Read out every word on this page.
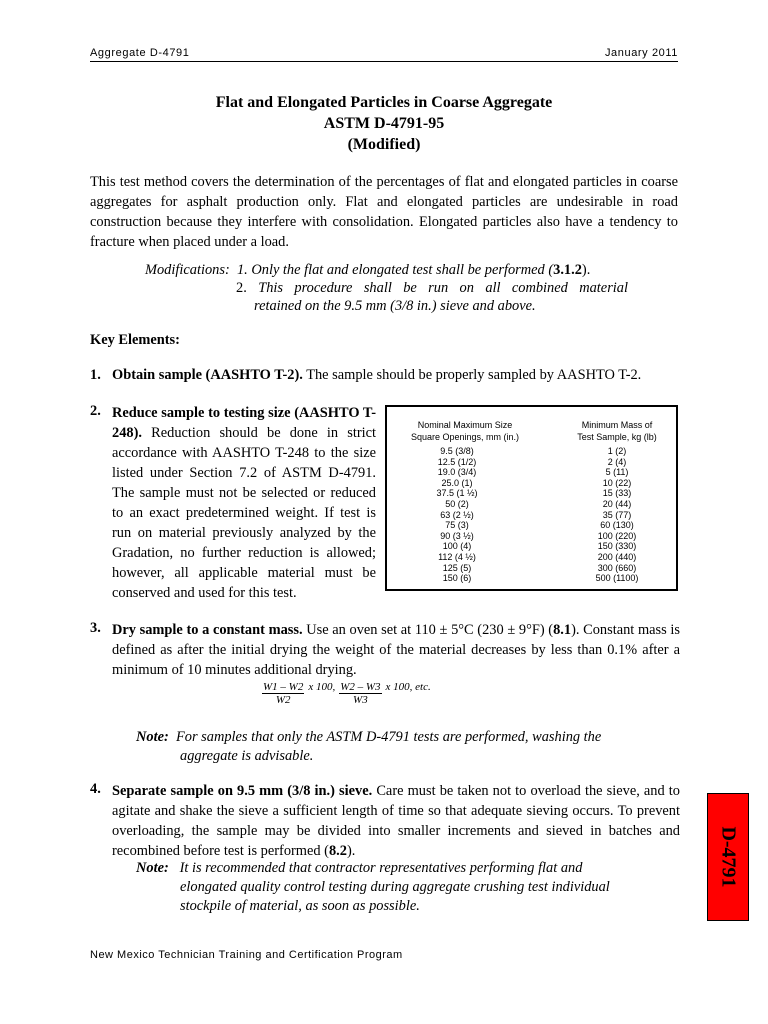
Aggregate D-4791	January 2011
Flat and Elongated Particles in Coarse Aggregate
ASTM D-4791-95
(Modified)
This test method covers the determination of the percentages of flat and elongated particles in coarse aggregates for asphalt production only. Flat and elongated particles are undesirable in road construction because they interfere with consolidation. Elongated particles also have a tendency to fracture when placed under a load.
Modifications: 1. Only the flat and elongated test shall be performed (3.1.2).
2. This procedure shall be run on all combined material
retained on the 9.5 mm (3/8 in.) sieve and above.
Key Elements:
1. Obtain sample (AASHTO T-2). The sample should be properly sampled by AASHTO T-2.
2. Reduce sample to testing size (AASHTO T-248). Reduction should be done in strict accordance with AASHTO T-248 to the size listed under Section 7.2 of ASTM D-4791. The sample must not be selected or reduced to an exact predetermined weight. If test is run on material previously analyzed by the Gradation, no further reduction is allowed; however, all applicable material must be conserved and used for this test.
Nominal Maximum Size
Square Openings, mm (in.)
Minimum Mass of
Test Sample, kg (lb)
9.5 (3/8)	1 (2)
12.5 (1/2)	2 (4)
19.0 (3/4)	5 (11)
25.0 (1)	10 (22)
37.5 (1 ½)	15 (33)
50 (2)	20 (44)
63 (2 ½)	35 (77)
75 (3)	60 (130)
90 (3 ½)	100 (220)
100 (4)	150 (330)
112 (4 ½)	200 (440)
125 (5)	300 (660)
150 (6)	500 (1100)
3. Dry sample to a constant mass. Use an oven set at 110 ± 5°C (230 ± 9°F) (8.1). Constant mass is defined as after the initial drying the weight of the material decreases by less than 0.1% after a minimum of 10 minutes additional drying.
$\frac{W1 - W2}{W2}$ x 100, $\frac{W2 - W3}{W3}$ x 100, etc.
Note: For samples that only the ASTM D-4791 tests are performed, washing the
aggregate is advisable.
4. Separate sample on 9.5 mm (3/8 in.) sieve. Care must be taken not to overload the sieve, and to agitate and shake the sieve a sufficient length of time so that adequate sieving occurs. To prevent overloading, the sample may be divided into smaller increments and sieved in batches and recombined before test is performed (8.2).
Note: It is recommended that contractor representatives performing flat and
elongated quality control testing during aggregate crushing test individual
stockpile of material, as soon as possible.
D-4791
New Mexico Technician Training and Certification Program
